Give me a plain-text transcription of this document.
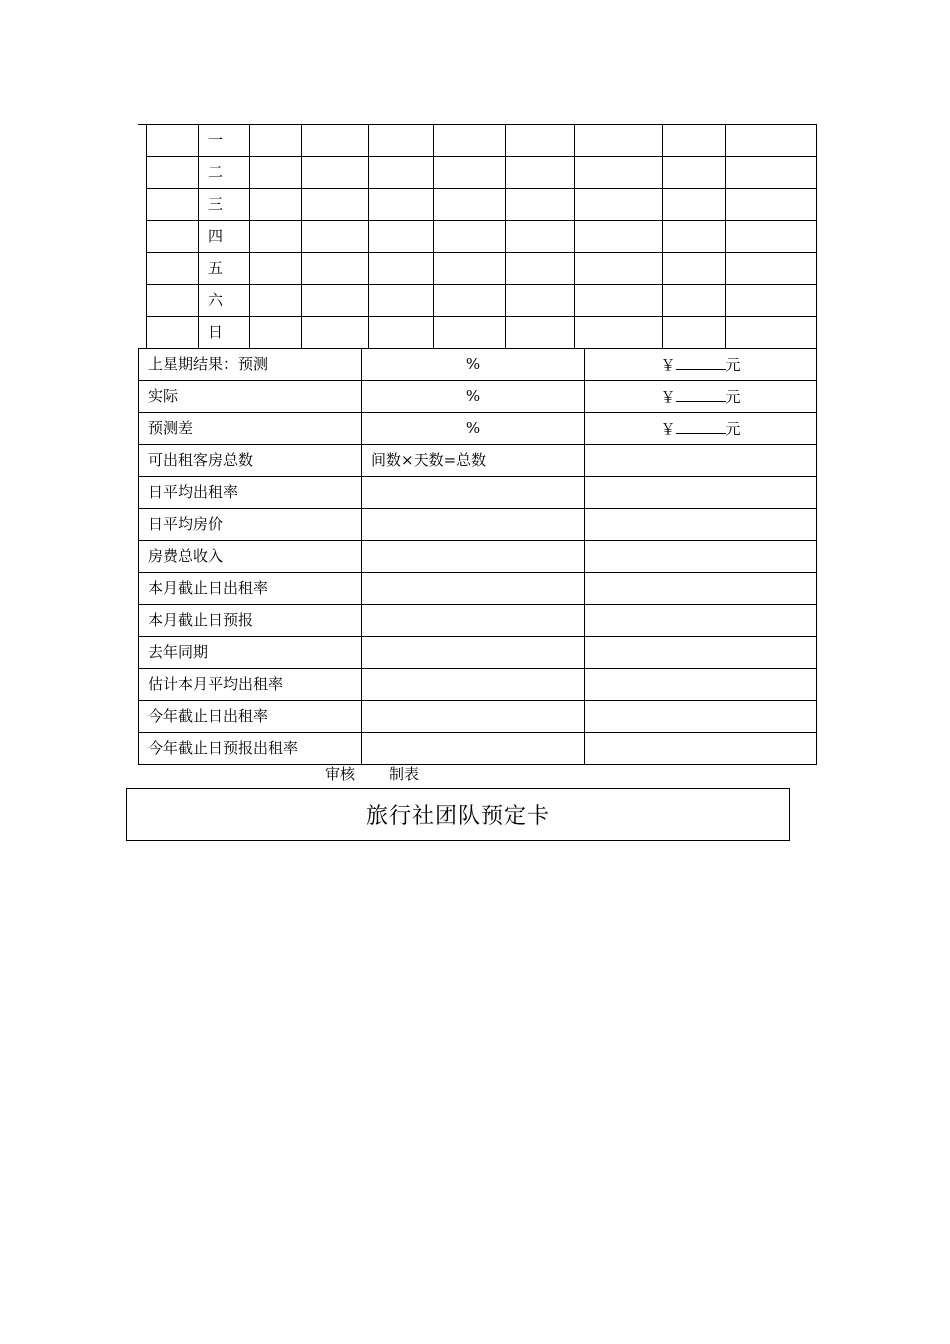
	一								
	二								
	三								
	四								
	五								
	六								
	日								
上星期结果：预测	%	￥ 元
实际	%	￥ 元
预测差	%	￥ 元
可出租客房总数	间数×天数=总数	
日平均出租率		
日平均房价		
房费总收入		
本月截止日出租率		
本月截止日预报		
去年同期		
估计本月平均出租率		
今年截止日出租率		
今年截止日预报出租率		
审核 制表
旅行社团队预定卡
